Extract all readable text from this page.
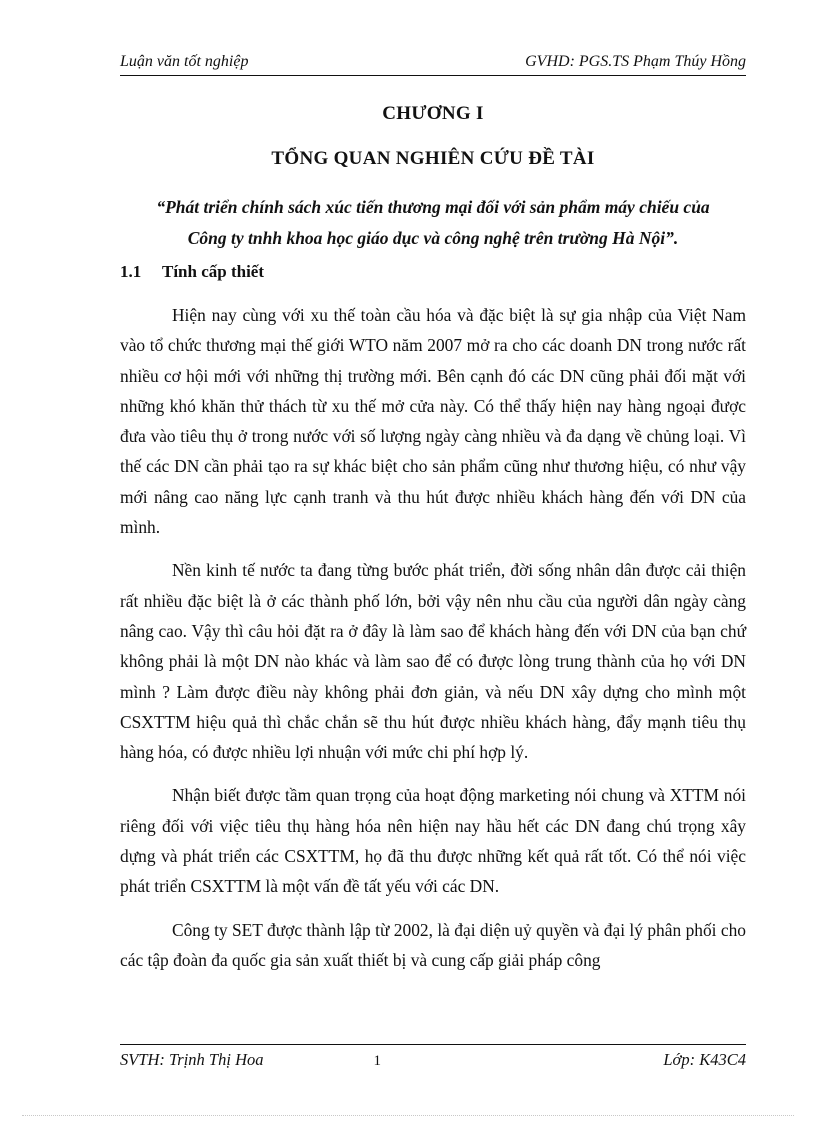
Luận văn tốt nghiệp	GVHD: PGS.TS Phạm Thúy Hồng
CHƯƠNG I
TỔNG QUAN NGHIÊN CỨU ĐỀ TÀI
“Phát triển chính sách xúc tiến thương mại đối với sản phẩm máy chiếu của
Công ty tnhh khoa học giáo dục và công nghệ trên trường Hà Nội”.
1.1 Tính cấp thiết

Hiện nay cùng với xu thế toàn cầu hóa và đặc biệt là sự gia nhập của Việt Nam vào tổ chức thương mại thế giới WTO năm 2007 mở ra cho các doanh DN trong nước rất nhiều cơ hội mới với những thị trường mới. Bên cạnh đó các DN cũng phải đối mặt với những khó khăn thử thách từ xu thế mở cửa này. Có thể thấy hiện nay hàng ngoại được đưa vào tiêu thụ ở trong nước với số lượng ngày càng nhiều và đa dạng về chủng loại. Vì thế các DN cần phải tạo ra sự khác biệt cho sản phẩm cũng như thương hiệu, có như vậy mới nâng cao năng lực cạnh tranh và thu hút được nhiều khách hàng đến với DN của mình.

Nền kinh tế nước ta đang từng bước phát triển, đời sống nhân dân được cải thiện rất nhiều đặc biệt là ở các thành phố lớn, bởi vậy nên nhu cầu của người dân ngày càng nâng cao. Vậy thì câu hỏi đặt ra ở đây là làm sao để khách hàng đến với DN của bạn chứ không phải là một DN nào khác và làm sao để có được lòng trung thành của họ với DN mình ? Làm được điều này không phải đơn giản, và nếu DN xây dựng cho mình một CSXTTM hiệu quả thì chắc chắn sẽ thu hút được nhiều khách hàng, đẩy mạnh tiêu thụ hàng hóa, có được nhiều lợi nhuận với mức chi phí hợp lý.

Nhận biết được tầm quan trọng của hoạt động marketing nói chung và XTTM nói riêng đối với việc tiêu thụ hàng hóa nên hiện nay hầu hết các DN đang chú trọng xây dựng và phát triển các CSXTTM, họ đã thu được những kết quả rất tốt. Có thể nói việc phát triển CSXTTM là một vấn đề tất yếu với các DN.

Công ty SET được thành lập từ 2002, là đại diện uỷ quyền và đại lý phân phối cho các tập đoàn đa quốc gia sản xuất thiết bị và cung cấp giải pháp công

SVTH: Trịnh Thị Hoa	1	Lớp: K43C4
